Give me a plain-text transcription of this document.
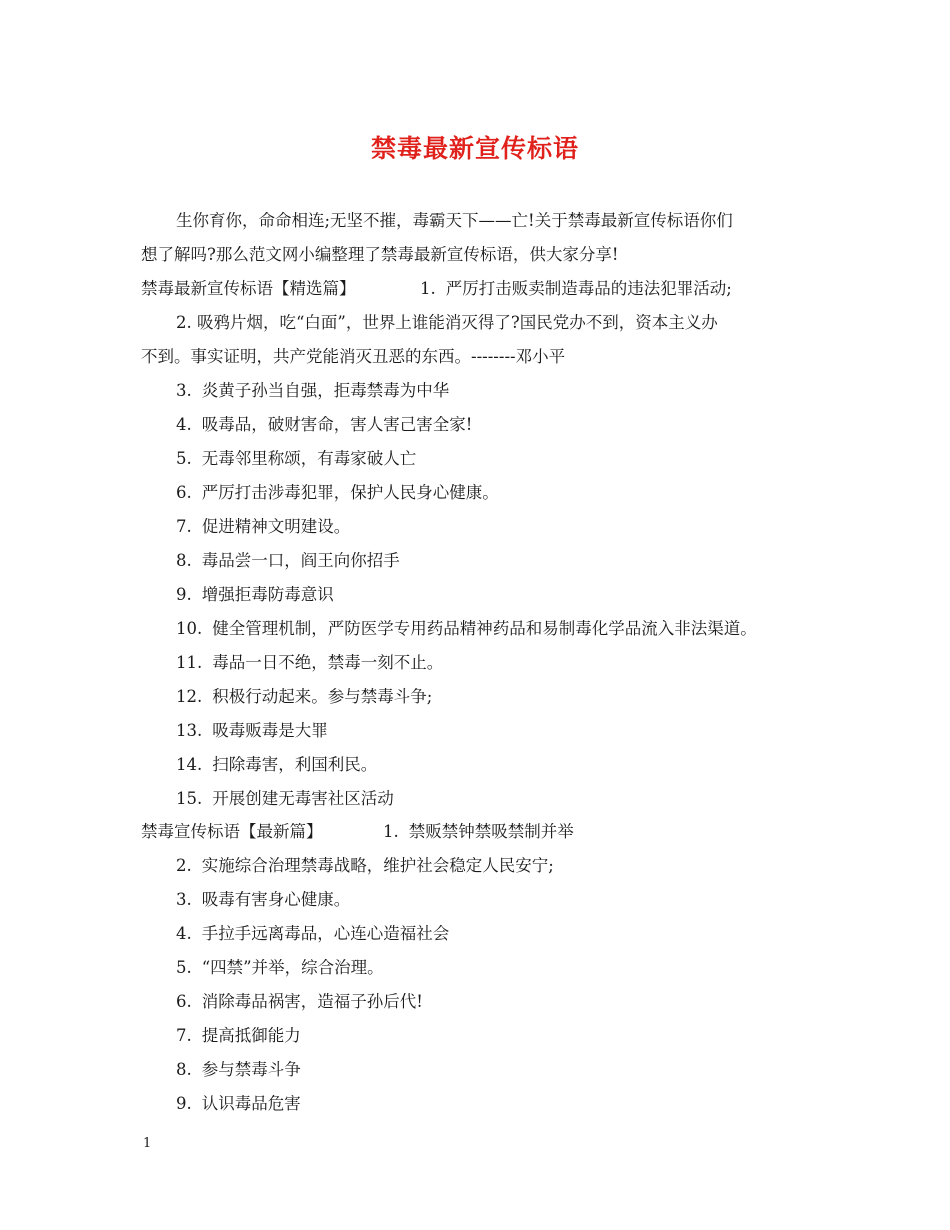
禁毒最新宣传标语
生你育你，命命相连;无坚不摧，毒霸天下——亡!关于禁毒最新宣传标语你们
想了解吗?那么范文网小编整理了禁毒最新宣传标语，供大家分享!
禁毒最新宣传标语【精选篇】	1. 严厉打击贩卖制造毒品的违法犯罪活动;
2. 吸鸦片烟，吃“白面”，世界上谁能消灭得了?国民党办不到，资本主义办
不到。事实证明，共产党能消灭丑恶的东西。--------邓小平
3. 炎黄子孙当自强，拒毒禁毒为中华
4. 吸毒品，破财害命，害人害己害全家!
5. 无毒邻里称颂，有毒家破人亡
6. 严厉打击涉毒犯罪，保护人民身心健康。
7. 促进精神文明建设。
8. 毒品尝一口，阎王向你招手
9. 增强拒毒防毒意识
10. 健全管理机制，严防医学专用药品精神药品和易制毒化学品流入非法渠道。
11. 毒品一日不绝，禁毒一刻不止。
12. 积极行动起来。参与禁毒斗争;
13. 吸毒贩毒是大罪
14. 扫除毒害，利国利民。
15. 开展创建无毒害社区活动
禁毒宣传标语【最新篇】	1. 禁贩禁钟禁吸禁制并举
2. 实施综合治理禁毒战略，维护社会稳定人民安宁;
3. 吸毒有害身心健康。
4. 手拉手远离毒品，心连心造福社会
5. “四禁”并举，综合治理。
6. 消除毒品祸害，造福子孙后代!
7. 提高抵御能力
8. 参与禁毒斗争
9. 认识毒品危害
1
